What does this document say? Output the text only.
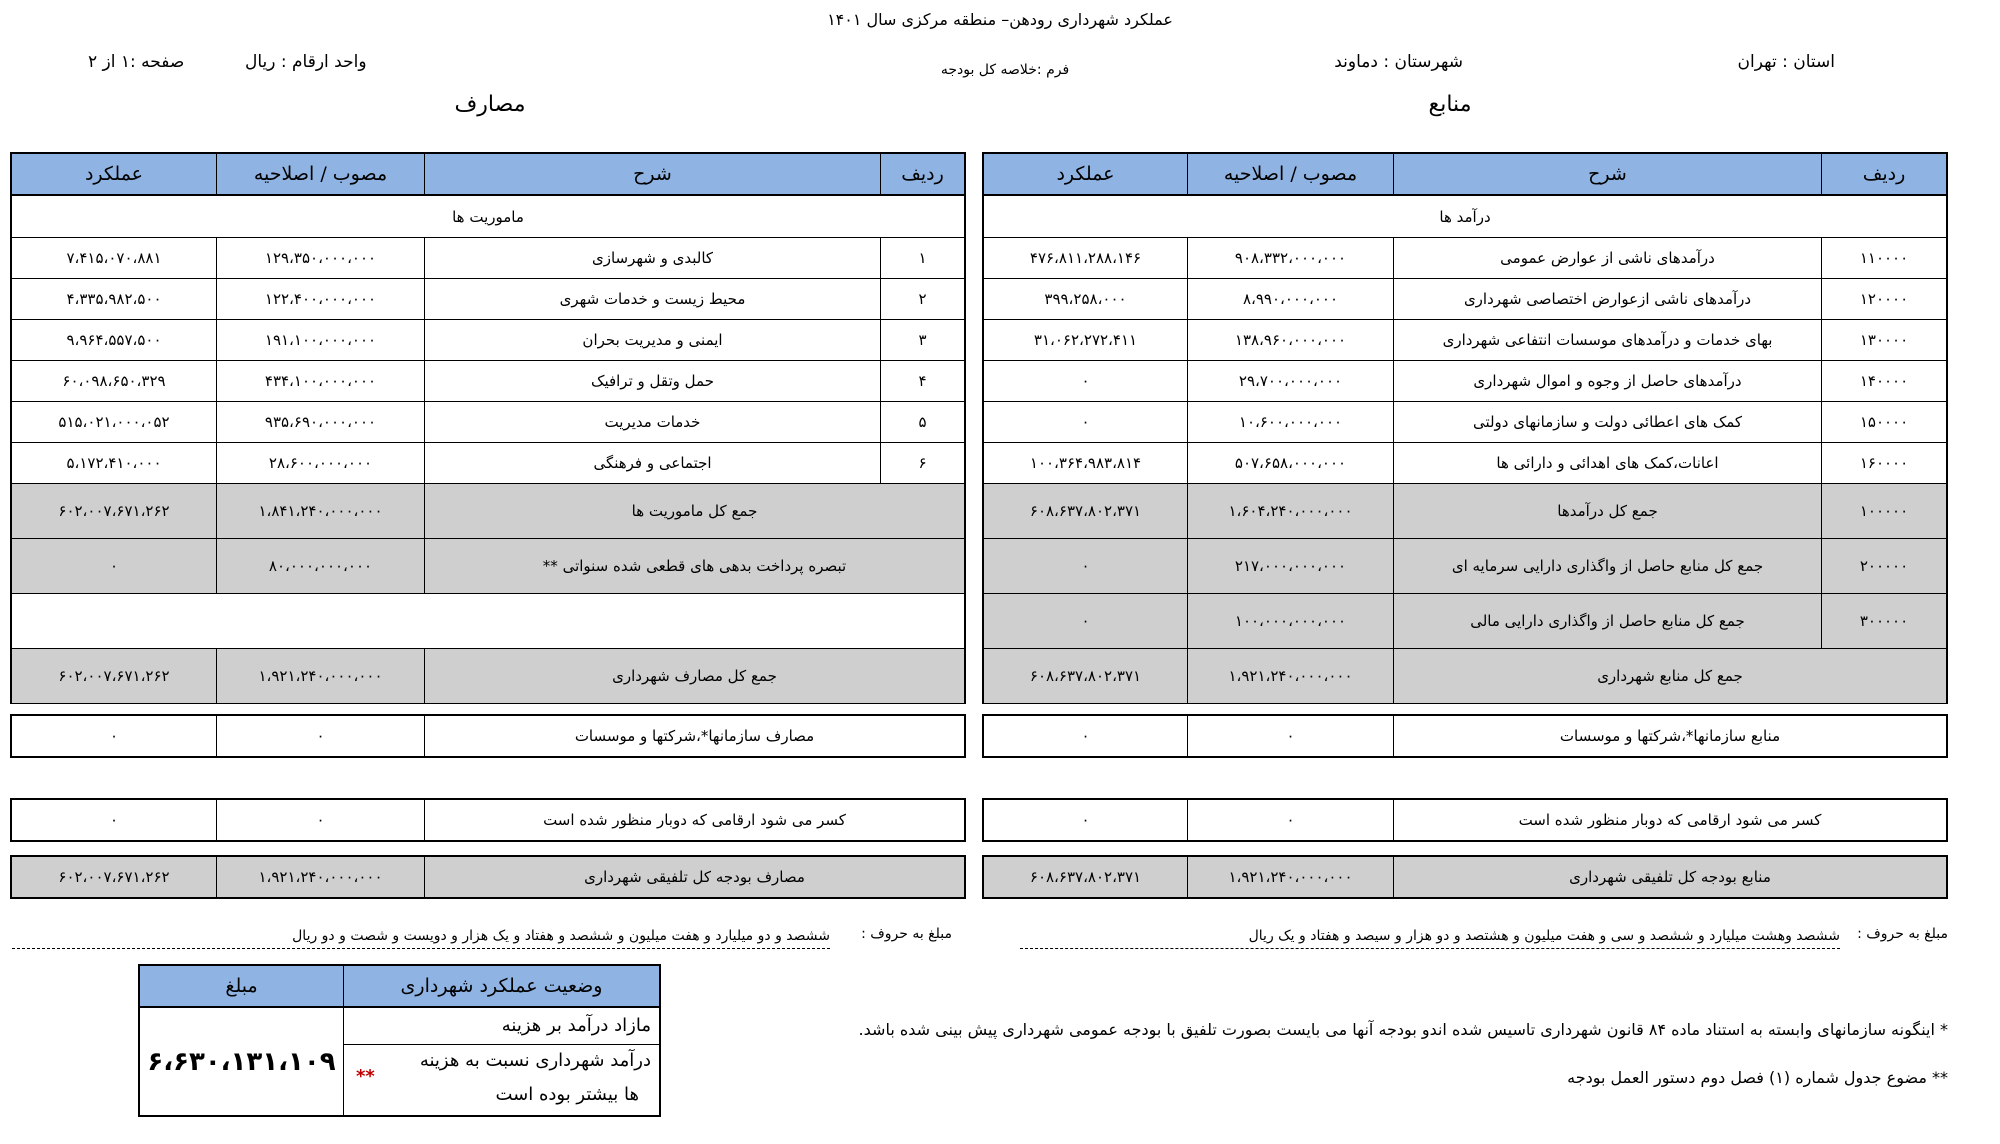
عملکرد شهرداری رودهن– منطقه مرکزی سال ۱۴۰۱
استان : تهران
شهرستان : دماوند
فرم :خلاصه کل بودجه
واحد ارقام : ریال
صفحه :۱ از ۲
منابع
مصارف
ردیف
شرح
مصوب / اصلاحیه
عملکرد
درآمد ها
۱۱۰۰۰۰
درآمدهای ناشی از عوارض عمومی
۹۰۸،۳۳۲،۰۰۰،۰۰۰
۴۷۶،۸۱۱،۲۸۸،۱۴۶
۱۲۰۰۰۰
درآمدهای ناشی ازعوارض اختصاصی شهرداری
۸،۹۹۰،۰۰۰،۰۰۰
۳۹۹،۲۵۸،۰۰۰
۱۳۰۰۰۰
بهای خدمات و درآمدهای موسسات انتفاعی شهرداری
۱۳۸،۹۶۰،۰۰۰،۰۰۰
۳۱،۰۶۲،۲۷۲،۴۱۱
۱۴۰۰۰۰
درآمدهای حاصل از وجوه و اموال شهرداری
۲۹،۷۰۰،۰۰۰،۰۰۰
۰
۱۵۰۰۰۰
کمک های اعطائی دولت و سازمانهای دولتی
۱۰،۶۰۰،۰۰۰،۰۰۰
۰
۱۶۰۰۰۰
اعانات،کمک های اهدائی و دارائی ها
۵۰۷،۶۵۸،۰۰۰،۰۰۰
۱۰۰،۳۶۴،۹۸۳،۸۱۴
۱۰۰۰۰۰
جمع کل درآمدها
۱،۶۰۴،۲۴۰،۰۰۰،۰۰۰
۶۰۸،۶۳۷،۸۰۲،۳۷۱
۲۰۰۰۰۰
جمع کل منابع حاصل از واگذاری دارایی سرمایه ای
۲۱۷،۰۰۰،۰۰۰،۰۰۰
۰
۳۰۰۰۰۰
جمع کل منابع حاصل از واگذاری دارایی مالی
۱۰۰،۰۰۰،۰۰۰،۰۰۰
۰
جمع کل منابع شهرداری
۱،۹۲۱،۲۴۰،۰۰۰،۰۰۰
۶۰۸،۶۳۷،۸۰۲،۳۷۱
ردیف
شرح
مصوب / اصلاحیه
عملکرد
ماموریت ها
۱
کالبدی و شهرسازی
۱۲۹،۳۵۰،۰۰۰،۰۰۰
۷،۴۱۵،۰۷۰،۸۸۱
۲
محیط زیست و خدمات شهری
۱۲۲،۴۰۰،۰۰۰،۰۰۰
۴،۳۳۵،۹۸۲،۵۰۰
۳
ایمنی و مدیریت بحران
۱۹۱،۱۰۰،۰۰۰،۰۰۰
۹،۹۶۴،۵۵۷،۵۰۰
۴
حمل وتقل و ترافیک
۴۳۴،۱۰۰،۰۰۰،۰۰۰
۶۰،۰۹۸،۶۵۰،۳۲۹
۵
خدمات مدیریت
۹۳۵،۶۹۰،۰۰۰،۰۰۰
۵۱۵،۰۲۱،۰۰۰،۰۵۲
۶
اجتماعی و فرهنگی
۲۸،۶۰۰،۰۰۰،۰۰۰
۵،۱۷۲،۴۱۰،۰۰۰
جمع کل ماموریت ها
۱،۸۴۱،۲۴۰،۰۰۰،۰۰۰
۶۰۲،۰۰۷،۶۷۱،۲۶۲
تبصره پرداخت بدهی های قطعی شده سنواتی **
۸۰،۰۰۰،۰۰۰،۰۰۰
۰
جمع کل مصارف شهرداری
۱،۹۲۱،۲۴۰،۰۰۰،۰۰۰
۶۰۲،۰۰۷،۶۷۱،۲۶۲
منابع سازمانها*،شرکتها و موسسات
۰
۰
کسر می شود ارقامی که دوبار منظور شده است
۰
۰
منابع بودجه کل تلفیقی شهرداری
۱،۹۲۱،۲۴۰،۰۰۰،۰۰۰
۶۰۸،۶۳۷،۸۰۲،۳۷۱
مصارف سازمانها*،شرکتها و موسسات
۰
۰
کسر می شود ارقامی که دوبار منظور شده است
۰
۰
مصارف بودجه کل تلفیقی شهرداری
۱،۹۲۱،۲۴۰،۰۰۰،۰۰۰
۶۰۲،۰۰۷،۶۷۱،۲۶۲
مبلغ به حروف :
ششصد وهشت میلیارد و ششصد و سی و هفت میلیون و هشتصد و دو هزار و سیصد و هفتاد و یک ریال
مبلغ به حروف :
ششصد و دو میلیارد و هفت میلیون و ششصد و هفتاد و یک هزار و دویست و شصت و دو ریال
وضعیت عملکرد شهرداری
مبلغ
مازاد درآمد بر هزینه
درآمد شهرداری نسبت به هزینه
ها بیشتر بوده است
**
۶،۶۳۰،۱۳۱،۱۰۹
* اینگونه سازمانهای وابسته به استناد ماده ۸۴ قانون شهرداری تاسیس شده اندو بودجه آنها می بایست بصورت تلفیق با بودجه عمومی شهرداری پیش بینی شده باشد.
** مضوع جدول شماره (۱) فصل دوم دستور العمل بودجه
